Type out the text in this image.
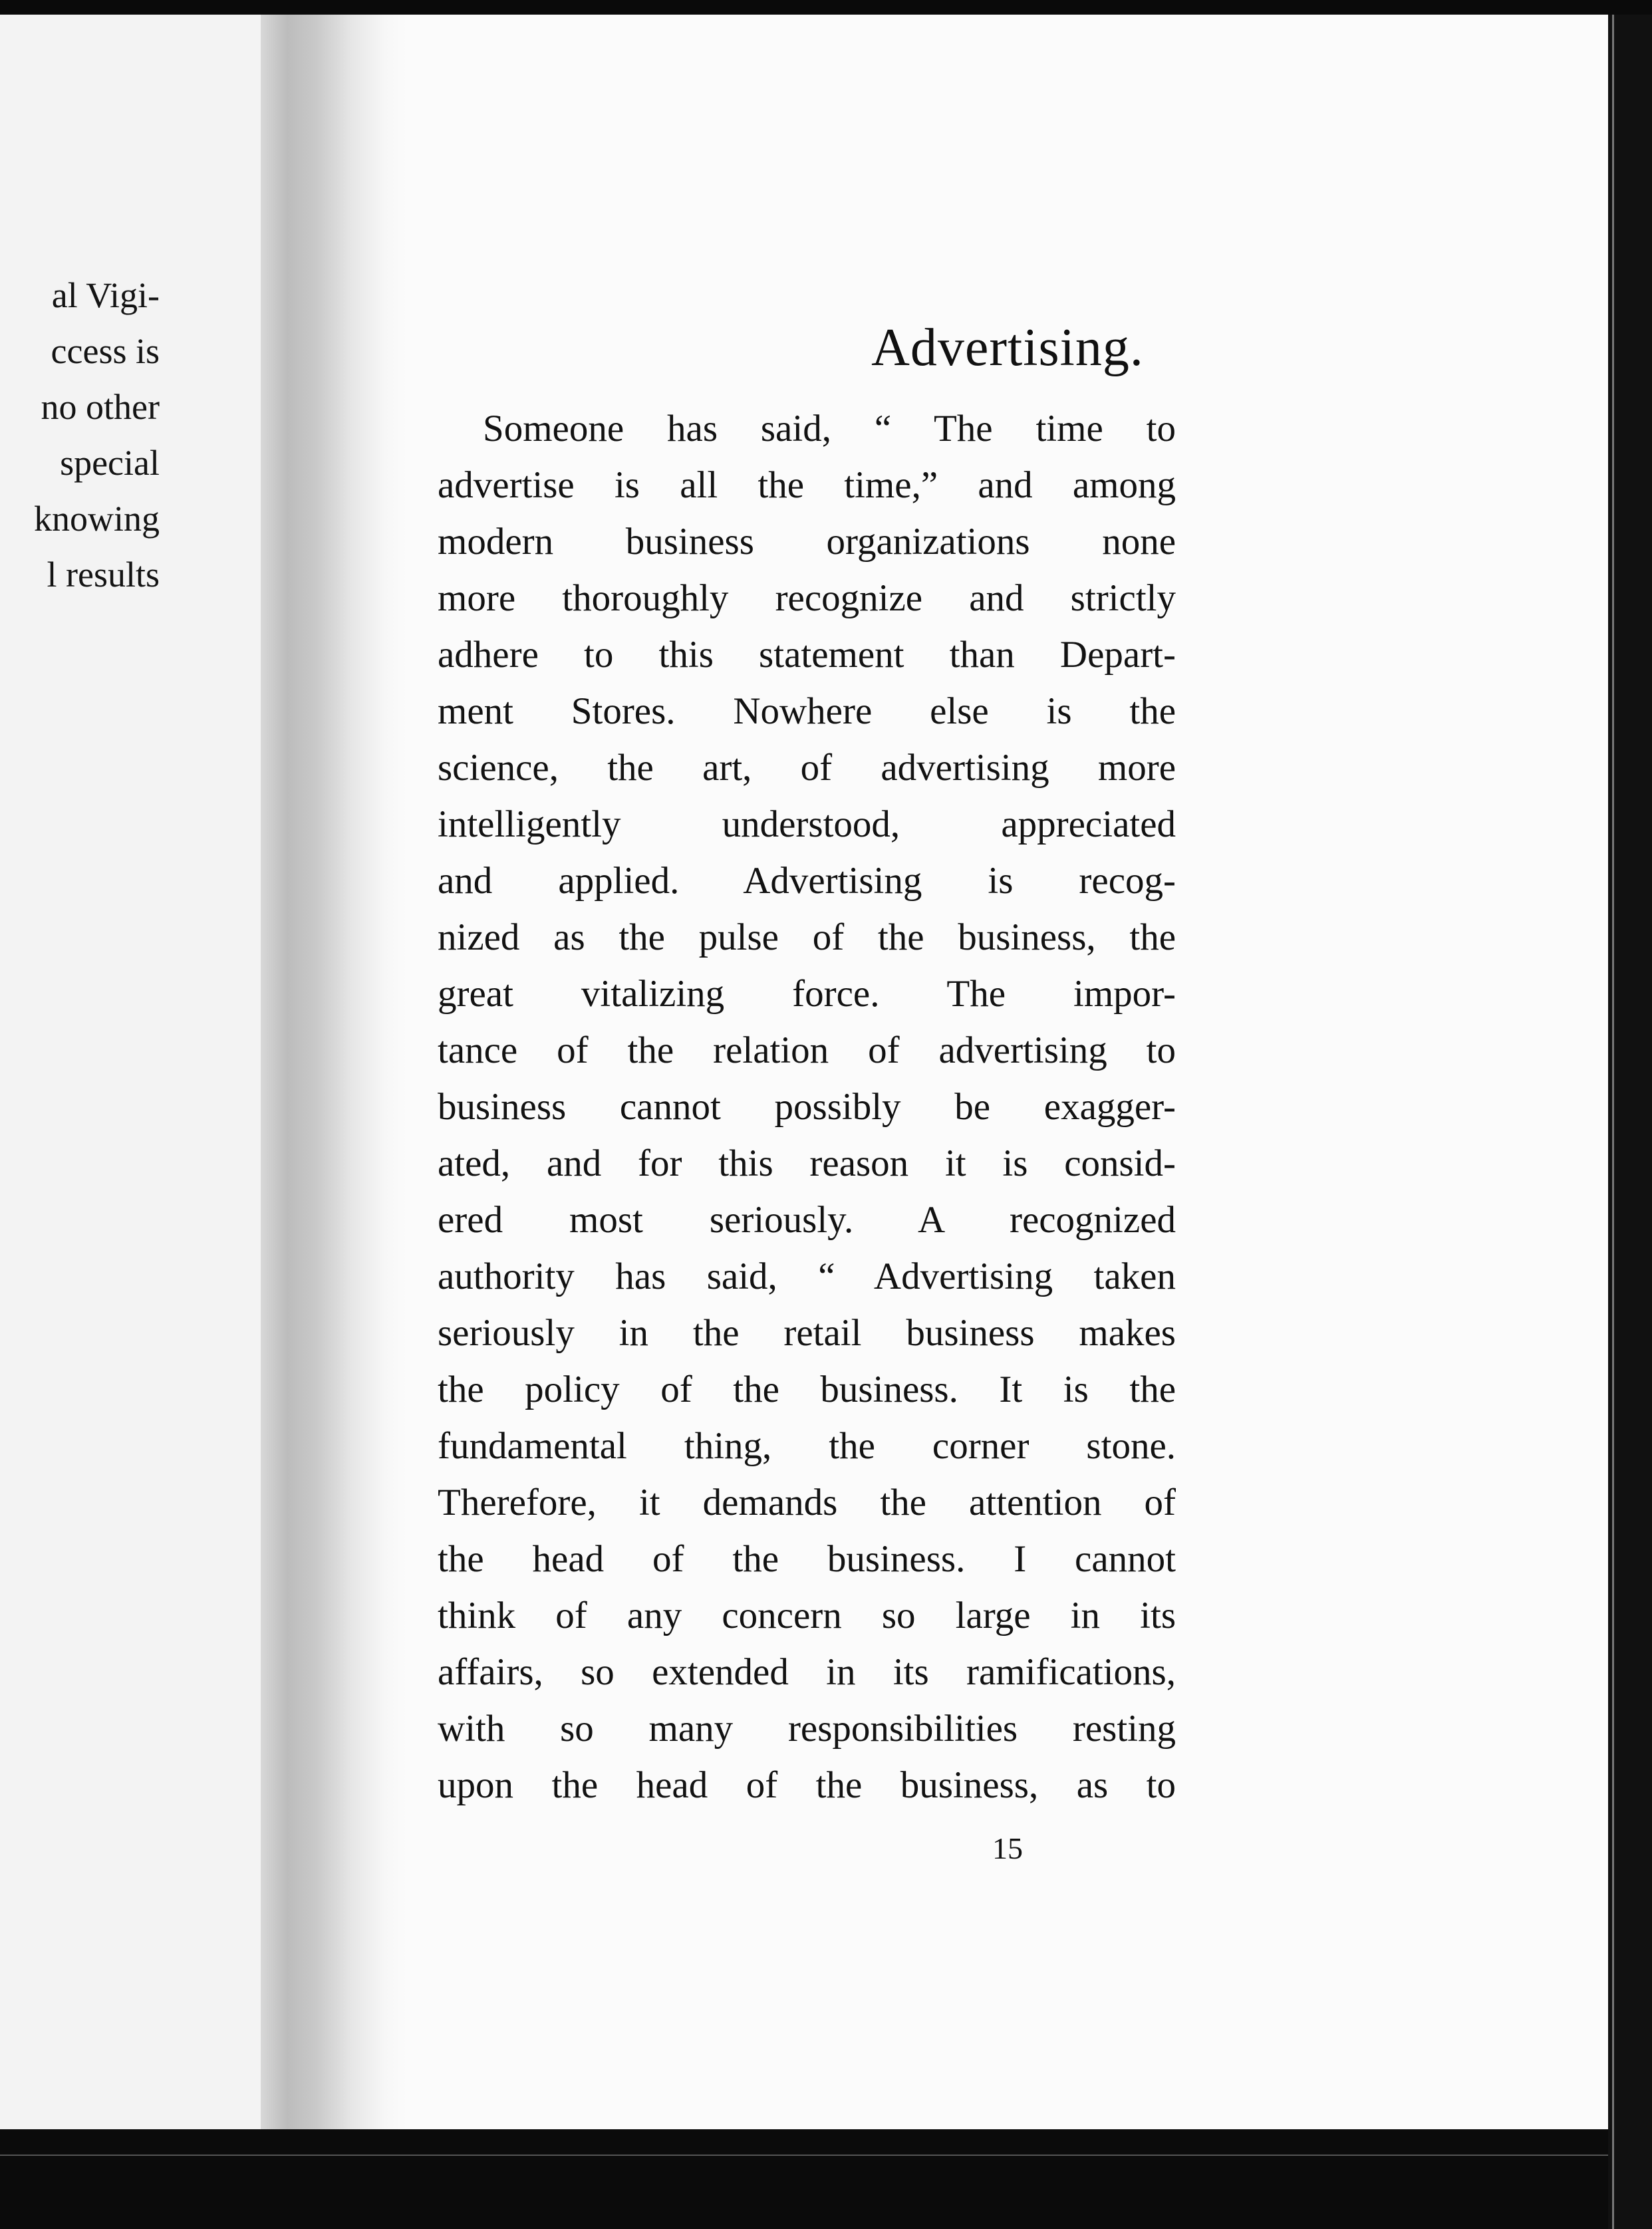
al Vigi-
ccess is
no other
special
knowing
l results
Advertising.
Someone has said, “ The time to
advertise is all the time,” and among
modern business organizations none
more thoroughly recognize and strictly
adhere to this statement than Depart-
ment Stores. Nowhere else is the
science, the art, of advertising more
intelligently understood, appreciated
and applied. Advertising is recog-
nized as the pulse of the business, the
great vitalizing force. The impor-
tance of the relation of advertising to
business cannot possibly be exagger-
ated, and for this reason it is consid-
ered most seriously. A recognized
authority has said, “ Advertising taken
seriously in the retail business makes
the policy of the business. It is the
fundamental thing, the corner stone.
Therefore, it demands the attention of
the head of the business. I cannot
think of any concern so large in its
affairs, so extended in its ramifications,
with so many responsibilities resting
upon the head of the business, as to
15
